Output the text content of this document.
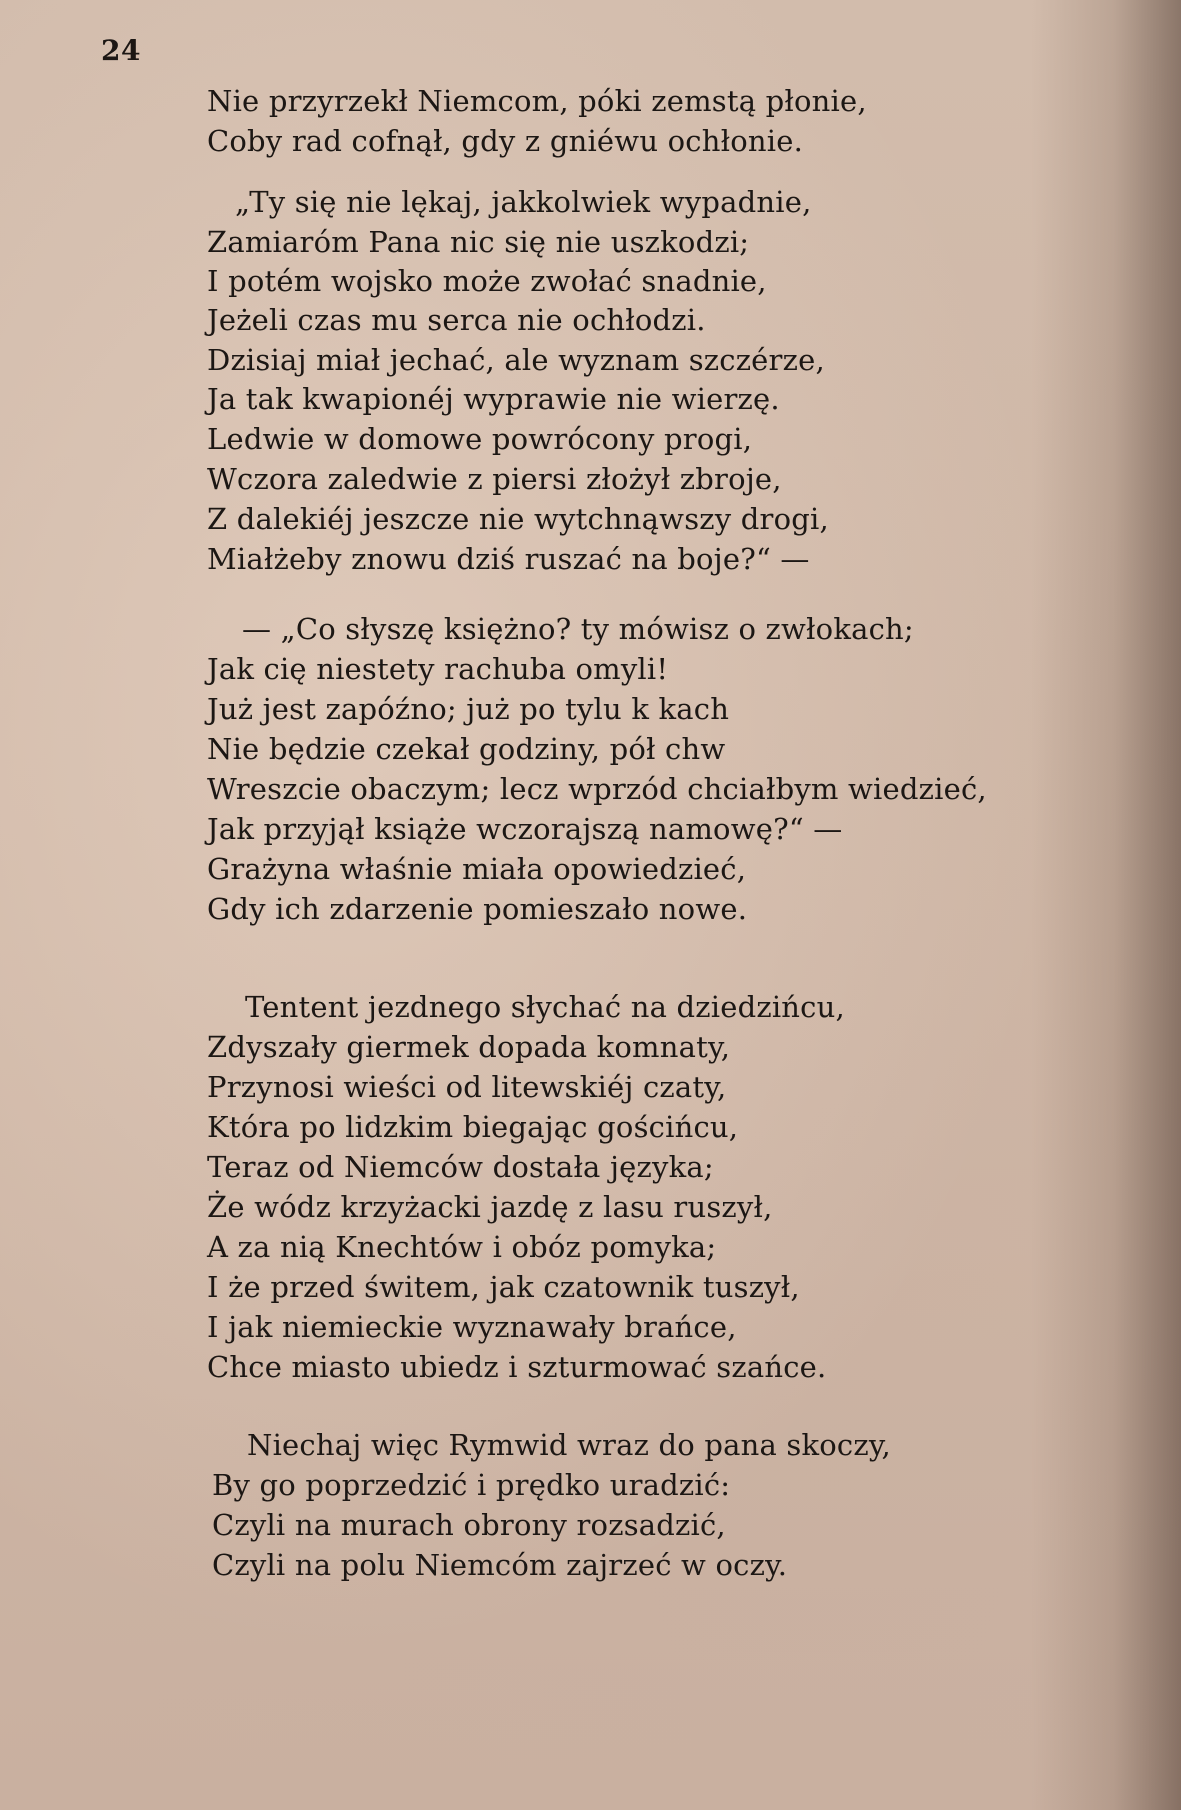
24
Nie przyrzekł Niemcom, póki zemstą płonie,
Coby rad cofnął, gdy z gniéwu ochłonie.
„Ty się nie lękaj, jakkolwiek wypadnie,
Zamiaróm Pana nic się nie uszkodzi;
I potém wojsko może zwołać snadnie,
Jeżeli czas mu serca nie ochłodzi.
Dzisiaj miał jechać, ale wyznam szczérze,
Ja tak kwapionéj wyprawie nie wierzę.
Ledwie w domowe powrócony progi,
Wczora zaledwie z piersi złożył zbroje,
Z dalekiéj jeszcze nie wytchnąwszy drogi,
Miałżeby znowu dziś ruszać na boje?“ —
— „Co słyszę księżno? ty mówisz o zwłokach;
Jak cię niestety rachuba omyli!
Już jest zapóźno; już po tylu k kach
Nie będzie czekał godziny, pół chw
Wreszcie obaczym; lecz wprzód chciałbym wiedzieć,
Jak przyjął książe wczorajszą namowę?“ —
Grażyna właśnie miała opowiedzieć,
Gdy ich zdarzenie pomieszało nowe.
Tentent jezdnego słychać na dziedzińcu,
Zdyszały giermek dopada komnaty,
Przynosi wieści od litewskiéj czaty,
Która po lidzkim biegając gościńcu,
Teraz od Niemców dostała języka;
Że wódz krzyżacki jazdę z lasu ruszył,
A za nią Knechtów i obóz pomyka;
I że przed świtem, jak czatownik tuszył,
I jak niemieckie wyznawały brańce,
Chce miasto ubiedz i szturmować szańce.
Niechaj więc Rymwid wraz do pana skoczy,
By go poprzedzić i prędko uradzić:
Czyli na murach obrony rozsadzić,
Czyli na polu Niemcóm zajrzeć w oczy.
